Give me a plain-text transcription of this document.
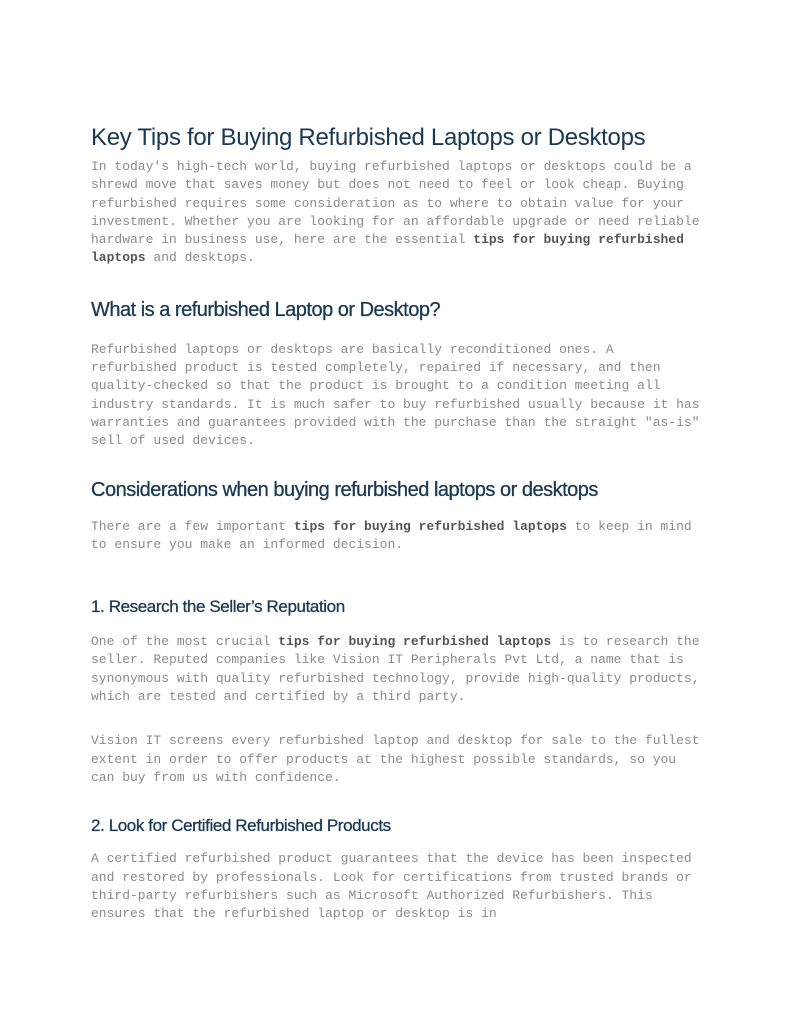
Key Tips for Buying Refurbished Laptops or Desktops

In today's high-tech world, buying refurbished laptops or desktops could be a shrewd move that saves money but does not need to feel or look cheap. Buying refurbished requires some consideration as to where to obtain value for your investment. Whether you are looking for an affordable upgrade or need reliable hardware in business use, here are the essential tips for buying refurbished laptops and desktops.

What is a refurbished Laptop or Desktop?

Refurbished laptops or desktops are basically reconditioned ones. A refurbished product is tested completely, repaired if necessary, and then quality-checked so that the product is brought to a condition meeting all industry standards. It is much safer to buy refurbished usually because it has warranties and guarantees provided with the purchase than the straight "as-is" sell of used devices.

Considerations when buying refurbished laptops or desktops

There are a few important tips for buying refurbished laptops to keep in mind to ensure you make an informed decision.

1. Research the Seller’s Reputation

One of the most crucial tips for buying refurbished laptops is to research the seller. Reputed companies like Vision IT Peripherals Pvt Ltd, a name that is synonymous with quality refurbished technology, provide high-quality products, which are tested and certified by a third party.

Vision IT screens every refurbished laptop and desktop for sale to the fullest extent in order to offer products at the highest possible standards, so you can buy from us with confidence.

2. Look for Certified Refurbished Products

A certified refurbished product guarantees that the device has been inspected and restored by professionals. Look for certifications from trusted brands or third-party refurbishers such as Microsoft Authorized Refurbishers. This ensures that the refurbished laptop or desktop is in
